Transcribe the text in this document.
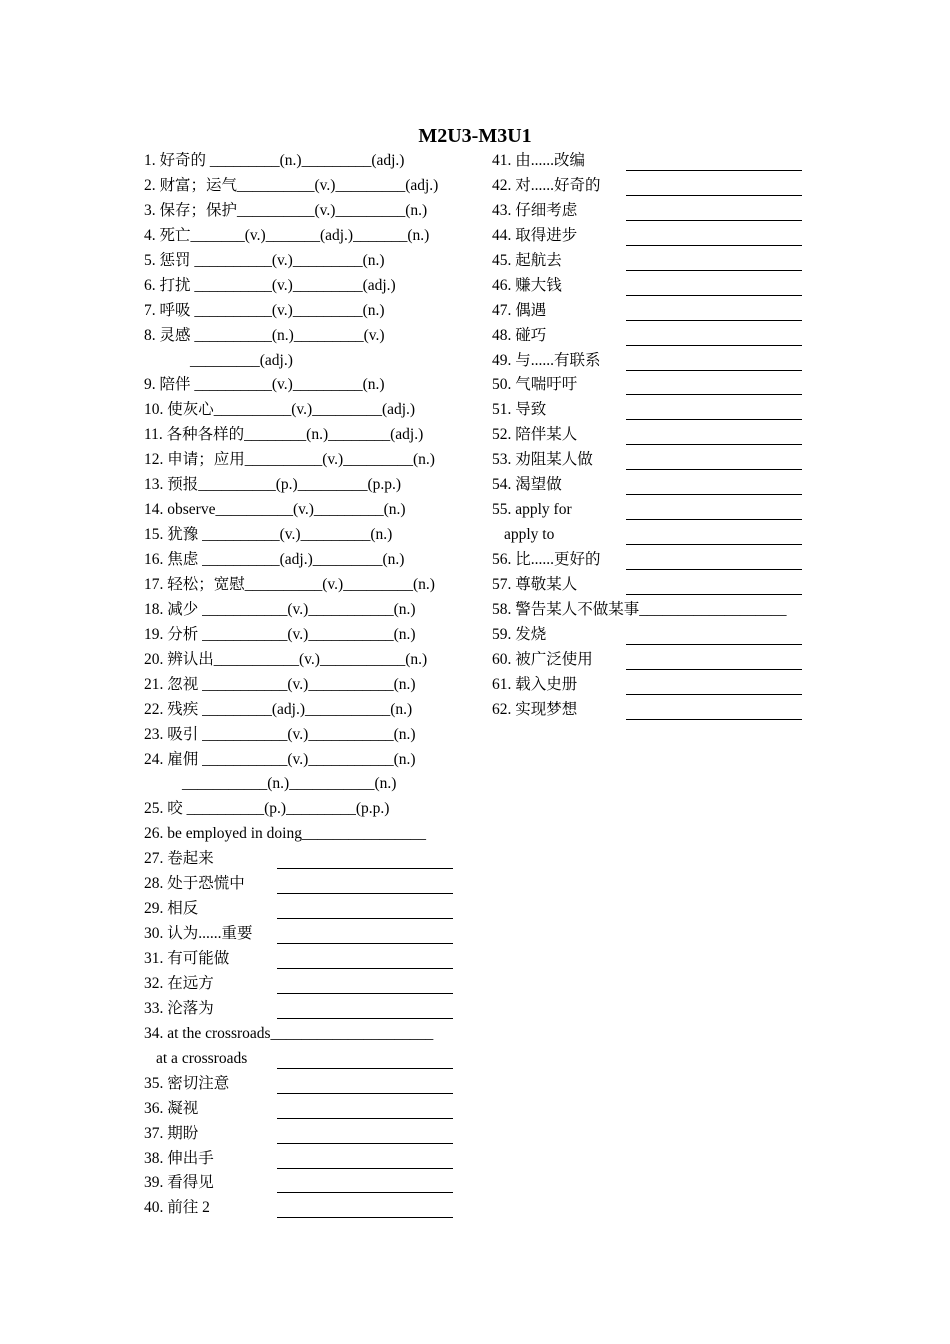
M2U3-M3U1
1. 好奇的 _________(n.)_________(adj.)
2. 财富；运气__________(v.)_________(adj.)
3. 保存；保护__________(v.)_________(n.)
4. 死亡_______(v.)_______(adj.)_______(n.)
5. 惩罚 __________(v.)_________(n.)
6. 打扰 __________(v.)_________(adj.)
7. 呼吸 __________(v.)_________(n.)
8. 灵感 __________(n.)_________(v.)
_________(adj.)
9. 陪伴 __________(v.)_________(n.)
10. 使灰心__________(v.)_________(adj.)
11. 各种各样的________(n.)________(adj.)
12. 申请；应用__________(v.)_________(n.)
13. 预报__________(p.)_________(p.p.)
14. observe__________(v.)_________(n.)
15. 犹豫 __________(v.)_________(n.)
16. 焦虑 __________(adj.)_________(n.)
17. 轻松；宽慰__________(v.)_________(n.)
18. 减少 ___________(v.)___________(n.)
19. 分析 ___________(v.)___________(n.)
20. 辨认出___________(v.)___________(n.)
21. 忽视 ___________(v.)___________(n.)
22. 残疾 _________(adj.)___________(n.)
23. 吸引 ___________(v.)___________(n.)
24. 雇佣 ___________(v.)___________(n.)
___________(n.)___________(n.)
25. 咬 __________(p.)_________(p.p.)
26. be employed in doing________________
27. 卷起来
28. 处于恐慌中
29. 相反
30. 认为......重要
31. 有可能做
32. 在远方
33. 沦落为
34. at the crossroads_____________________
at a crossroads
35. 密切注意
36. 凝视
37. 期盼
38. 伸出手
39. 看得见
40. 前往 2
41. 由......改编
42. 对......好奇的
43. 仔细考虑
44. 取得进步
45. 起航去
46. 赚大钱
47. 偶遇
48. 碰巧
49. 与......有联系
50. 气喘吁吁
51. 导致
52. 陪伴某人
53. 劝阻某人做
54. 渴望做
55. apply for
apply to
56. 比......更好的
57. 尊敬某人
58. 警告某人不做某事___________________
59. 发烧
60. 被广泛使用
61. 载入史册
62. 实现梦想
